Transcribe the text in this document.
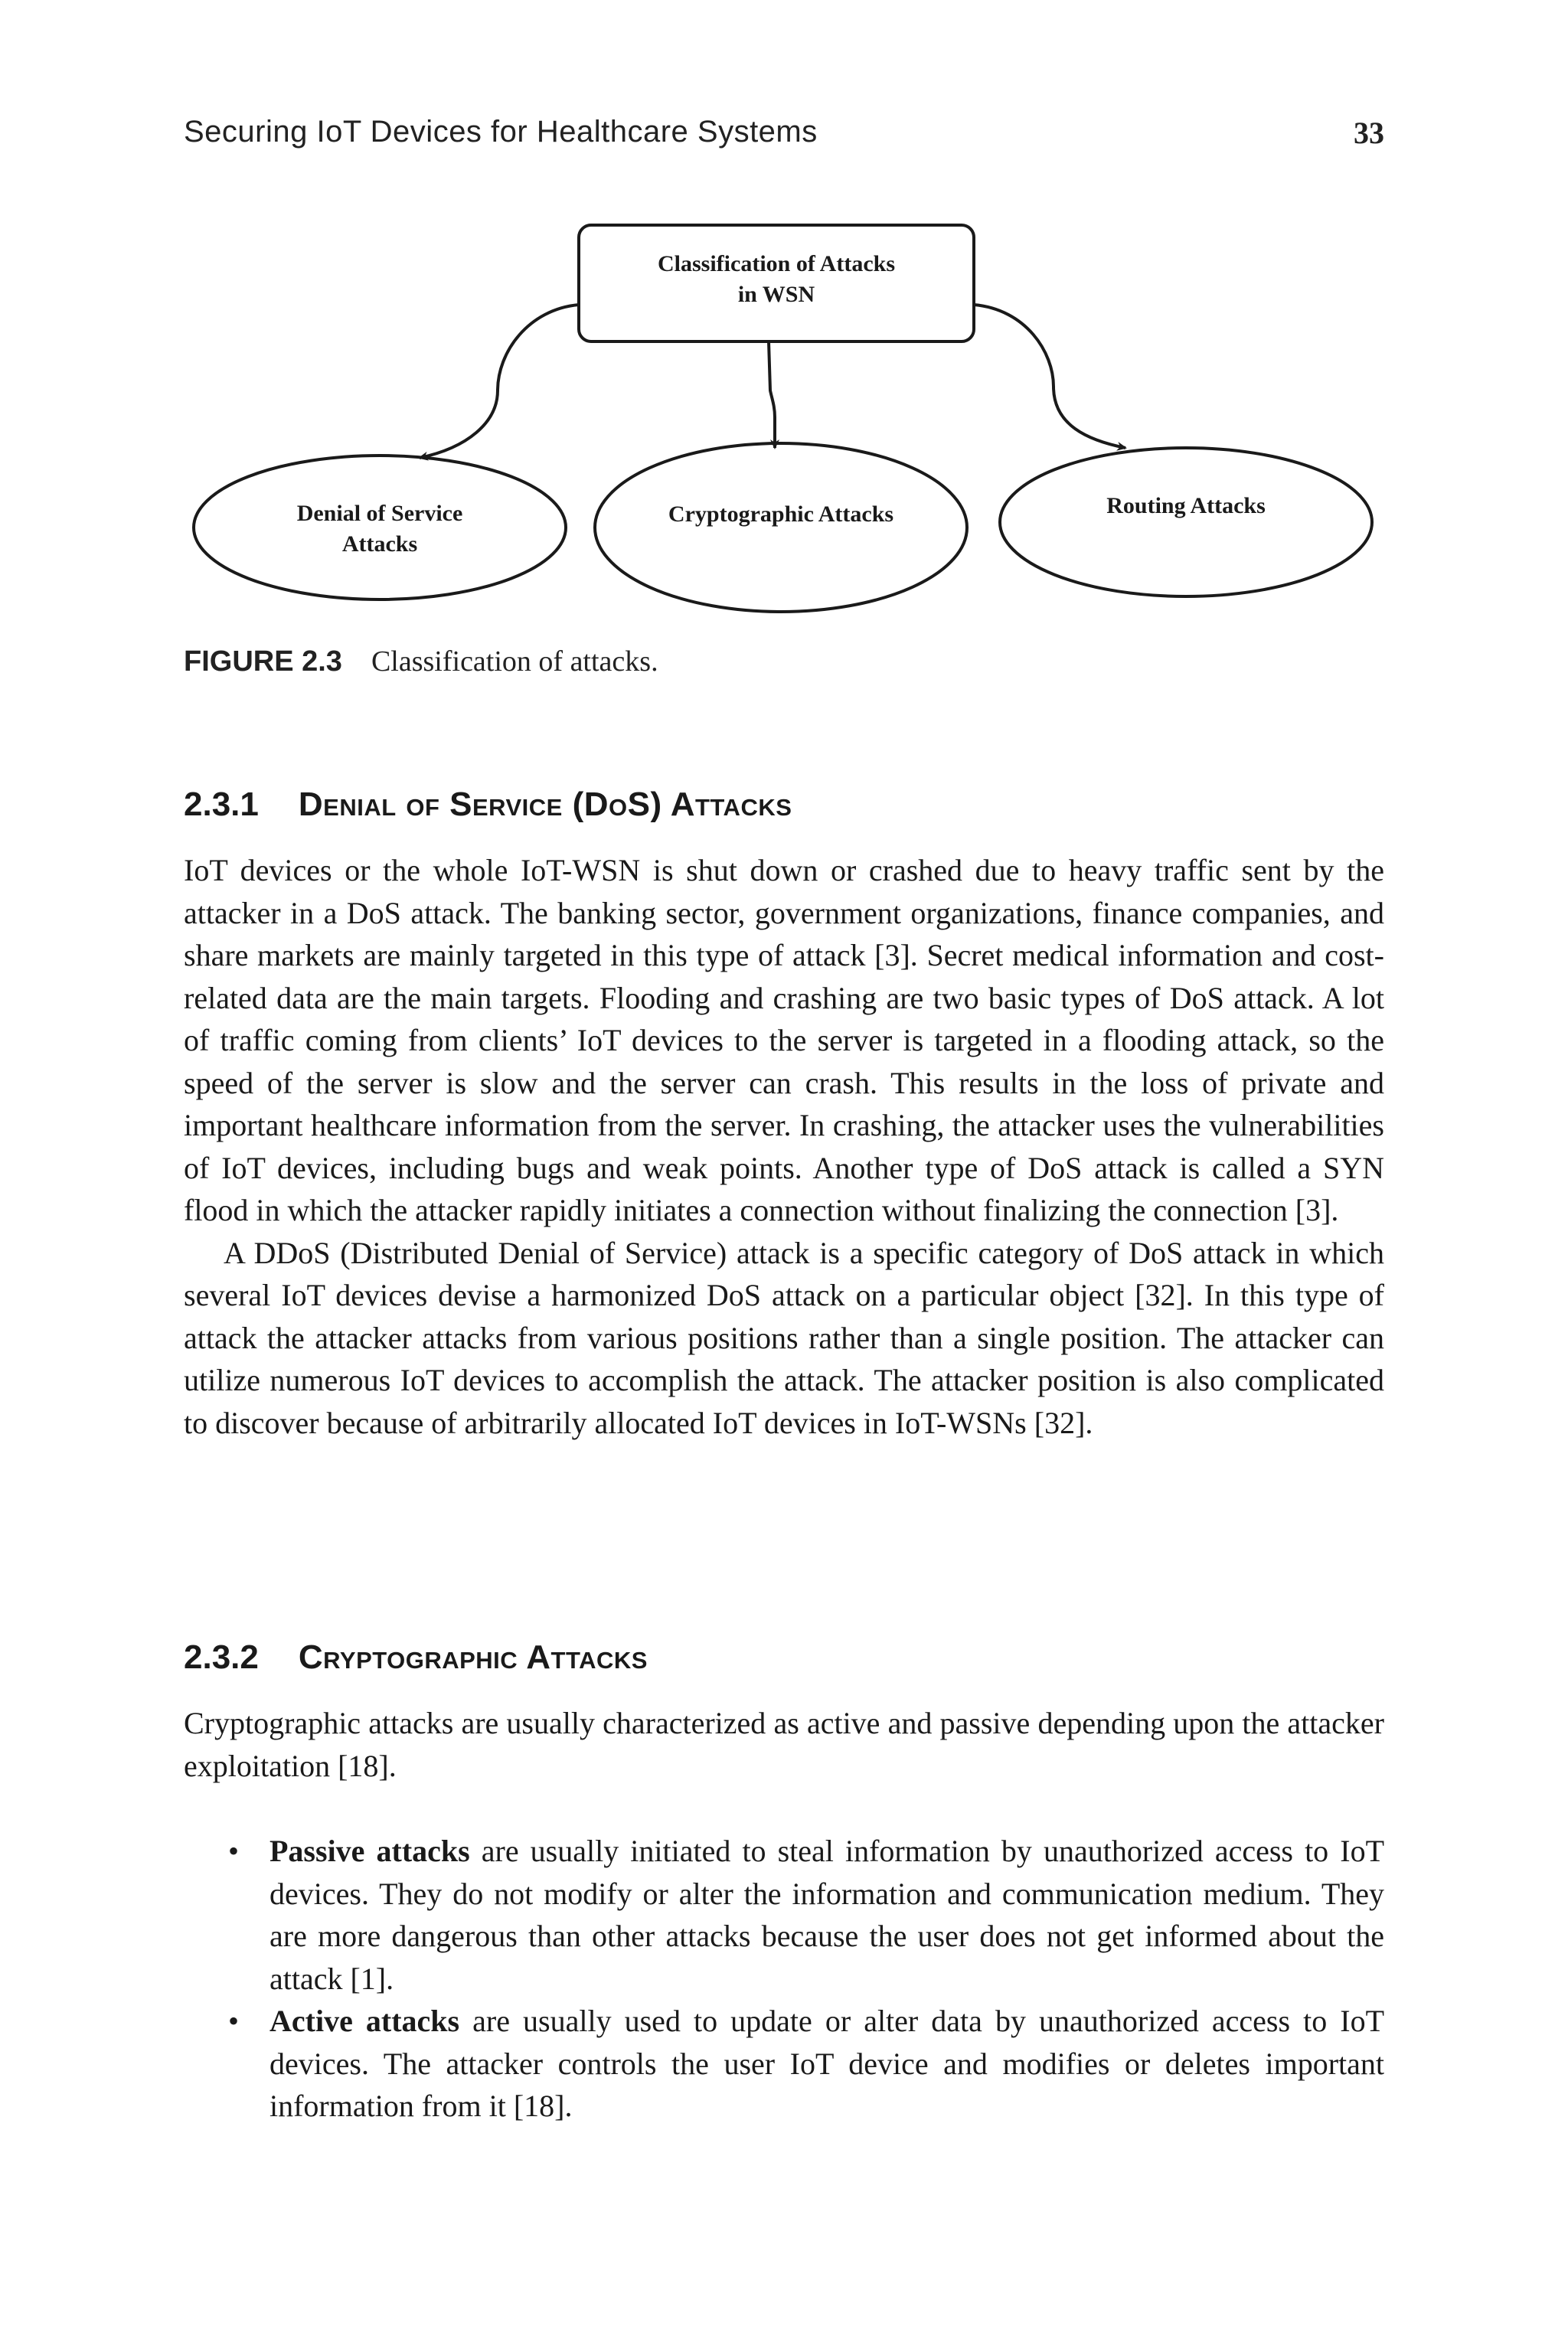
Securing IoT Devices for Healthcare Systems	33
Classification of Attacks
in WSN
Denial of Service
Attacks
Cryptographic Attacks	Routing Attacks
FIGURE 2.3 Classification of attacks.
2.3.1 Denial of Service (DoS) Attacks

IoT devices or the whole IoT-WSN is shut down or crashed due to heavy traffic sent by the attacker in a DoS attack. The banking sector, government organizations, finance companies, and share markets are mainly targeted in this type of attack [3]. Secret medical information and cost-related data are the main targets. Flooding and crashing are two basic types of DoS attack. A lot of traffic coming from clients’ IoT devices to the server is targeted in a flooding attack, so the speed of the server is slow and the server can crash. This results in the loss of private and important healthcare information from the server. In crashing, the attacker uses the vulnerabilities of IoT devices, including bugs and weak points. Another type of DoS attack is called a SYN flood in which the attacker rapidly initiates a connection without finalizing the connection [3].

A DDoS (Distributed Denial of Service) attack is a specific category of DoS attack in which several IoT devices devise a harmonized DoS attack on a particular object [32]. In this type of attack the attacker attacks from various positions rather than a single position. The attacker can utilize numerous IoT devices to accomplish the attack. The attacker position is also complicated to discover because of arbitrarily allocated IoT devices in IoT-WSNs [32].

2.3.2 Cryptographic Attacks

Cryptographic attacks are usually characterized as active and passive depending upon the attacker exploitation [18].

• Passive attacks are usually initiated to steal information by unauthorized access to IoT devices. They do not modify or alter the information and communication medium. They are more dangerous than other attacks because the user does not get informed about the attack [1].
• Active attacks are usually used to update or alter data by unauthorized access to IoT devices. The attacker controls the user IoT device and modifies or deletes important information from it [18].
